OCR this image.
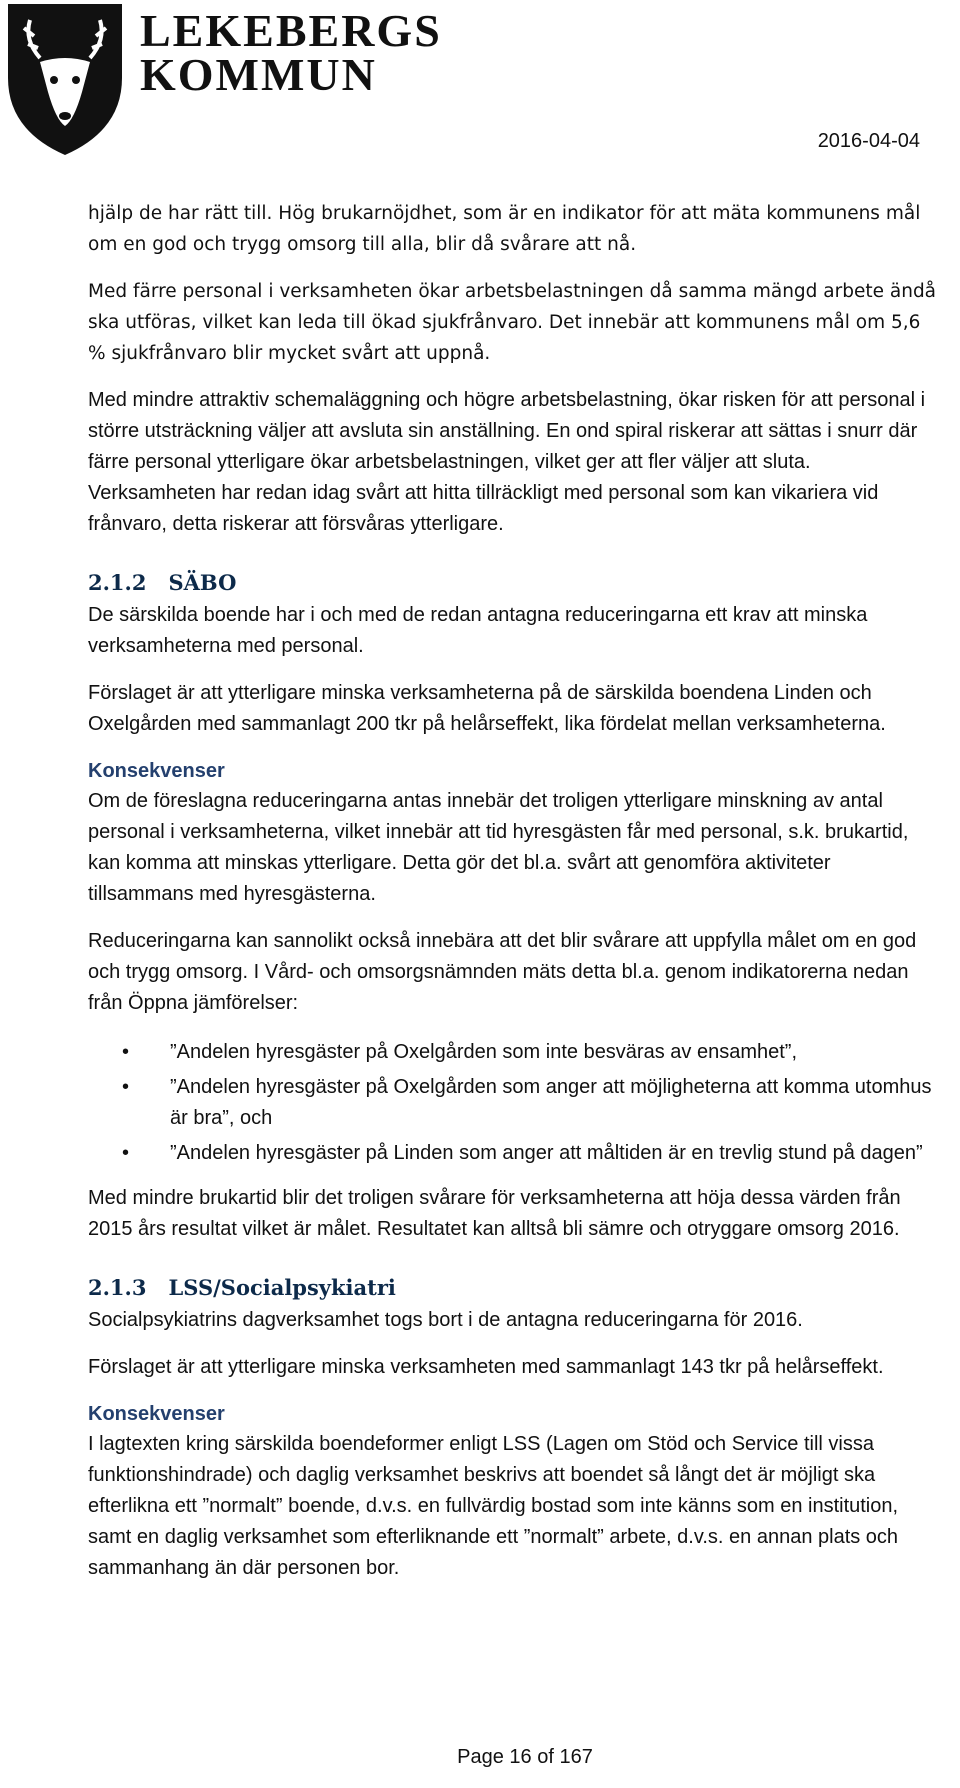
LEKEBERGS
KOMMUN
2016-04-04

hjälp de har rätt till. Hög brukarnöjdhet, som är en indikator för att mäta kommunens mål om en god och trygg omsorg till alla, blir då svårare att nå.

Med färre personal i verksamheten ökar arbetsbelastningen då samma mängd arbete ändå ska utföras, vilket kan leda till ökad sjukfrånvaro. Det innebär att kommunens mål om 5,6 % sjukfrånvaro blir mycket svårt att uppnå.

Med mindre attraktiv schemaläggning och högre arbetsbelastning, ökar risken för att personal i större utsträckning väljer att avsluta sin anställning. En ond spiral riskerar att sättas i snurr där färre personal ytterligare ökar arbetsbelastningen, vilket ger att fler väljer att sluta. Verksamheten har redan idag svårt att hitta tillräckligt med personal som kan vikariera vid frånvaro, detta riskerar att försvåras ytterligare.

2.1.2 SÄBO

De särskilda boende har i och med de redan antagna reduceringarna ett krav att minska verksamheterna med personal.

Förslaget är att ytterligare minska verksamheterna på de särskilda boendena Linden och Oxelgården med sammanlagt 200 tkr på helårseffekt, lika fördelat mellan verksamheterna.

Konsekvenser

Om de föreslagna reduceringarna antas innebär det troligen ytterligare minskning av antal personal i verksamheterna, vilket innebär att tid hyresgästen får med personal, s.k. brukartid, kan komma att minskas ytterligare. Detta gör det bl.a. svårt att genomföra aktiviteter tillsammans med hyresgästerna.

Reduceringarna kan sannolikt också innebära att det blir svårare att uppfylla målet om en god och trygg omsorg. I Vård- och omsorgsnämnden mäts detta bl.a. genom indikatorerna nedan från Öppna jämförelser:

• ”Andelen hyresgäster på Oxelgården som inte besväras av ensamhet”,
• ”Andelen hyresgäster på Oxelgården som anger att möjligheterna att komma utomhus är bra”, och
• ”Andelen hyresgäster på Linden som anger att måltiden är en trevlig stund på dagen”

Med mindre brukartid blir det troligen svårare för verksamheterna att höja dessa värden från 2015 års resultat vilket är målet. Resultatet kan alltså bli sämre och otryggare omsorg 2016.

2.1.3 LSS/Socialpsykiatri

Socialpsykiatrins dagverksamhet togs bort i de antagna reduceringarna för 2016.

Förslaget är att ytterligare minska verksamheten med sammanlagt 143 tkr på helårseffekt.

Konsekvenser

I lagtexten kring särskilda boendeformer enligt LSS (Lagen om Stöd och Service till vissa funktionshindrade) och daglig verksamhet beskrivs att boendet så långt det är möjligt ska efterlikna ett ”normalt” boende, d.v.s. en fullvärdig bostad som inte känns som en institution, samt en daglig verksamhet som efterliknande ett ”normalt” arbete, d.v.s. en annan plats och sammanhang än där personen bor.

Page 16 of 167
